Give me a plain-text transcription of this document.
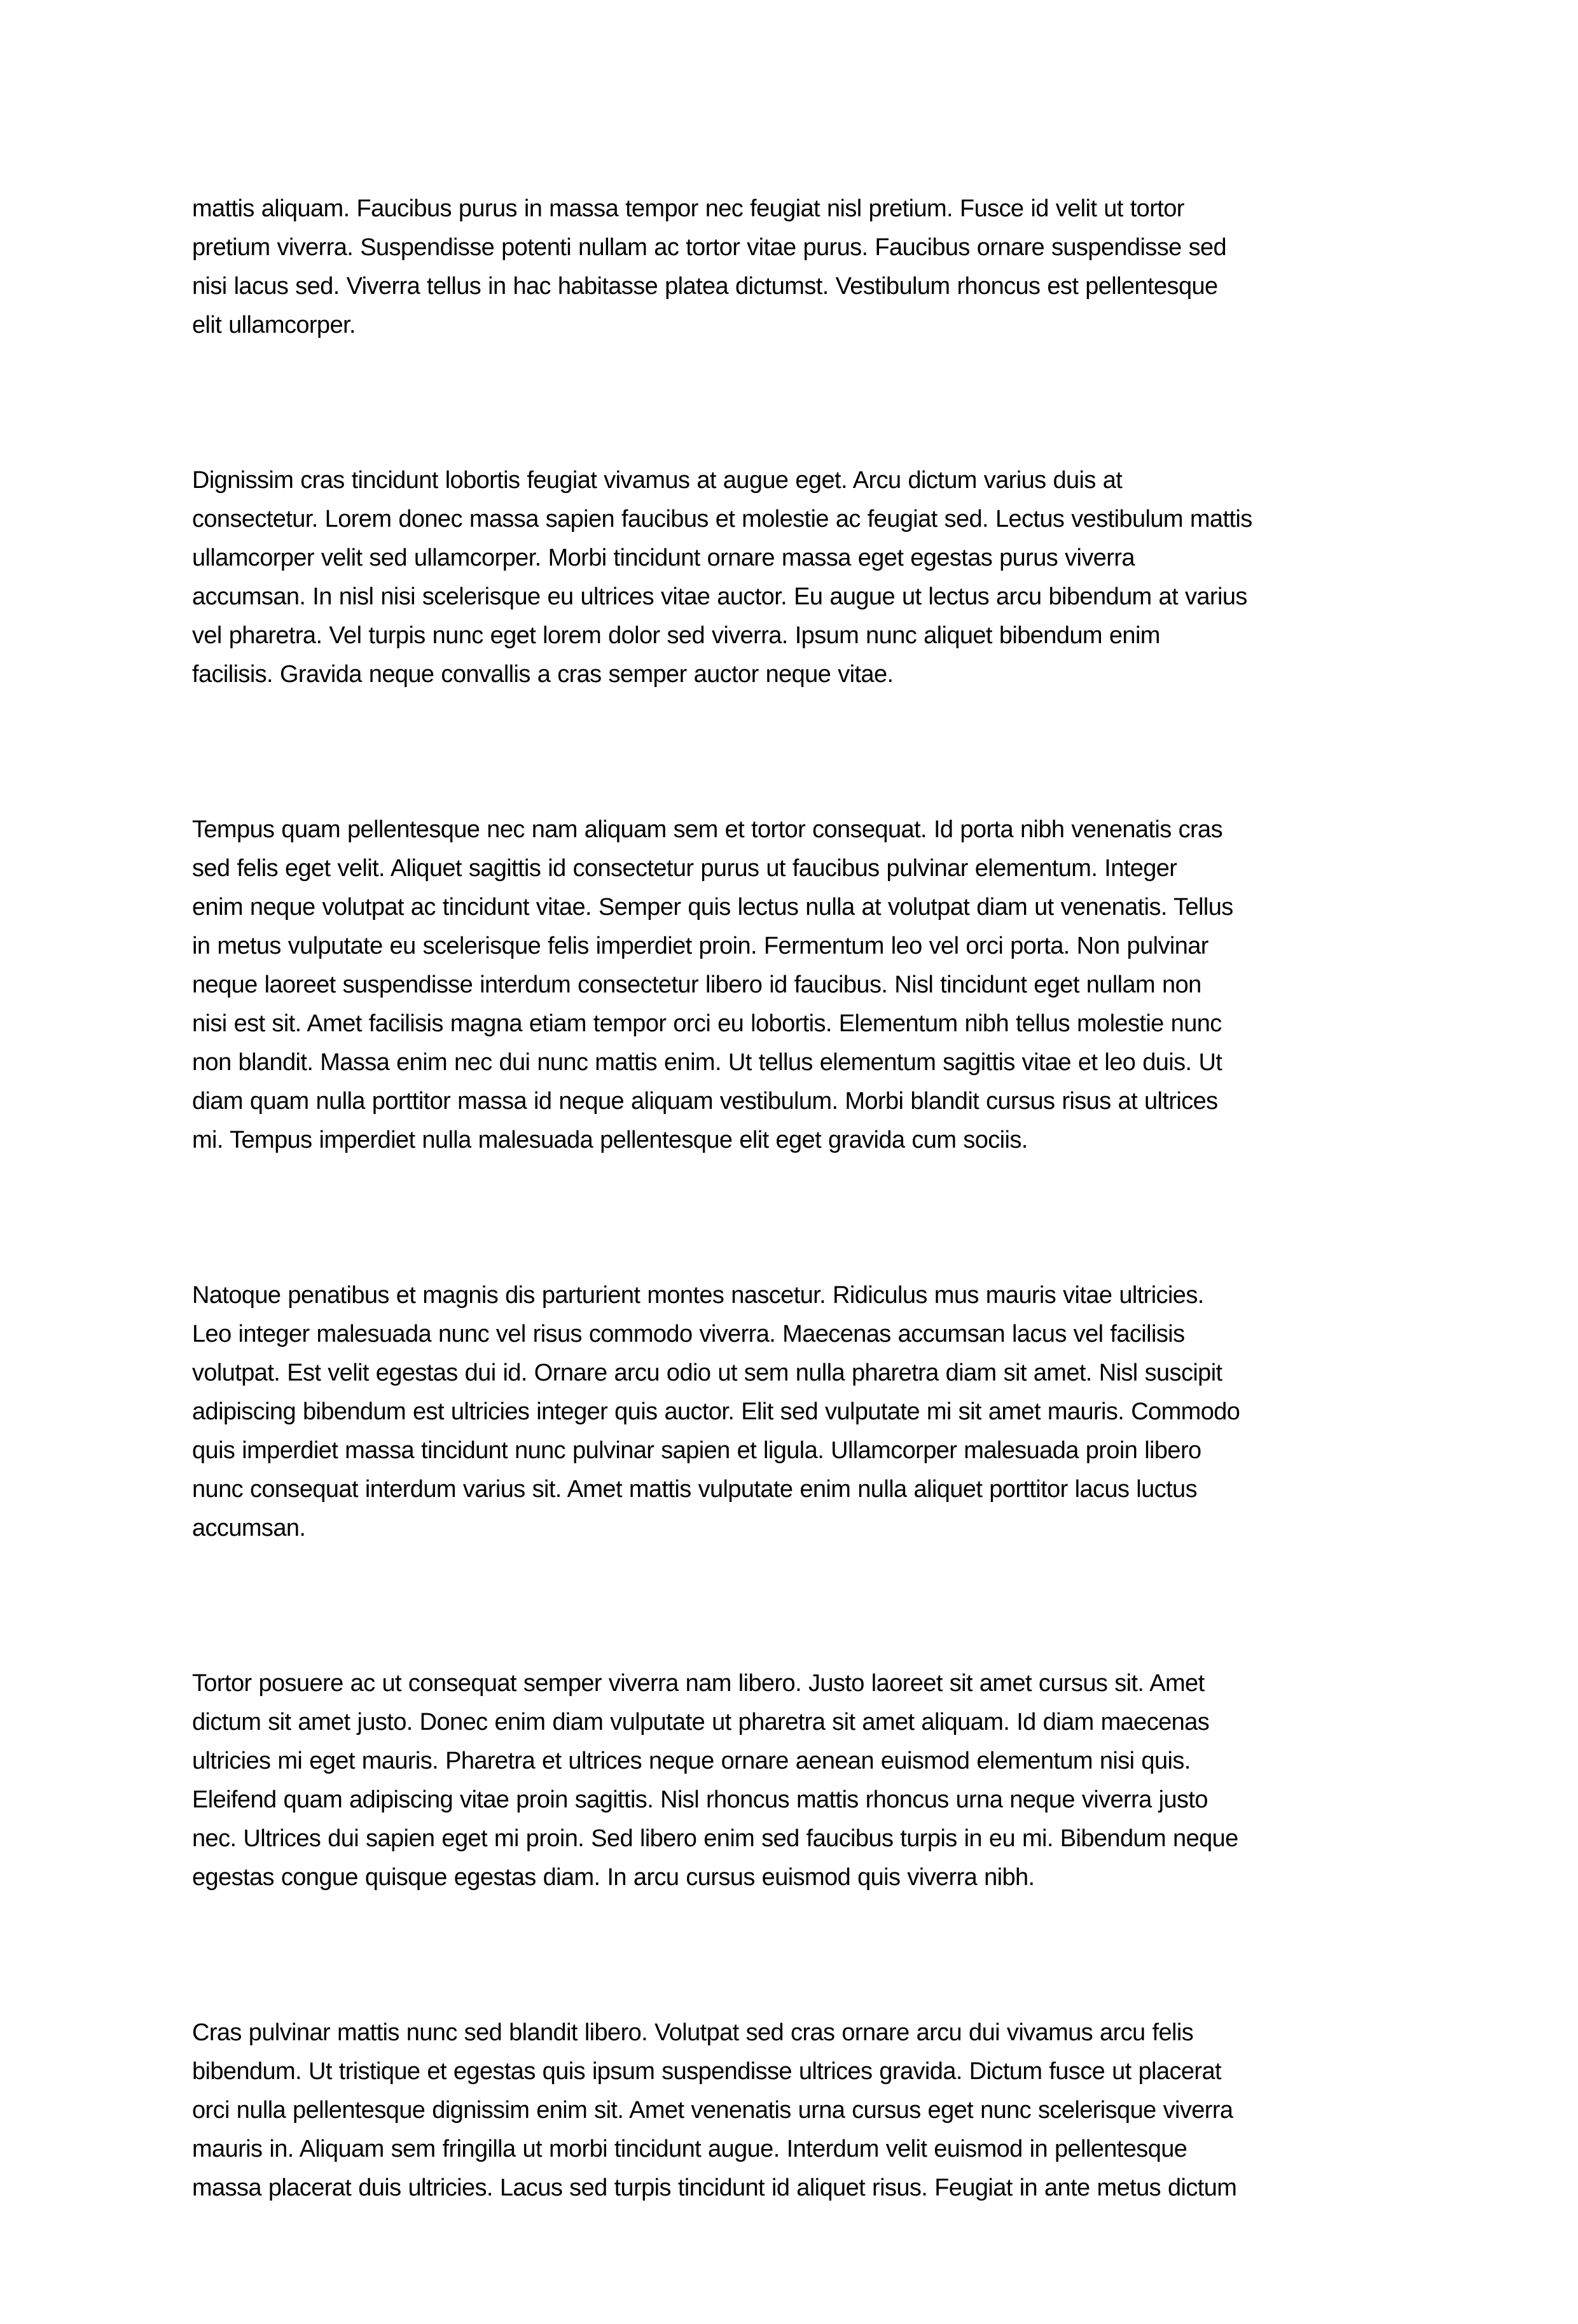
mattis aliquam. Faucibus purus in massa tempor nec feugiat nisl pretium. Fusce id velit ut tortor
pretium viverra. Suspendisse potenti nullam ac tortor vitae purus. Faucibus ornare suspendisse sed
nisi lacus sed. Viverra tellus in hac habitasse platea dictumst. Vestibulum rhoncus est pellentesque
elit ullamcorper.

Dignissim cras tincidunt lobortis feugiat vivamus at augue eget. Arcu dictum varius duis at
consectetur. Lorem donec massa sapien faucibus et molestie ac feugiat sed. Lectus vestibulum mattis
ullamcorper velit sed ullamcorper. Morbi tincidunt ornare massa eget egestas purus viverra
accumsan. In nisl nisi scelerisque eu ultrices vitae auctor. Eu augue ut lectus arcu bibendum at varius
vel pharetra. Vel turpis nunc eget lorem dolor sed viverra. Ipsum nunc aliquet bibendum enim
facilisis. Gravida neque convallis a cras semper auctor neque vitae.

Tempus quam pellentesque nec nam aliquam sem et tortor consequat. Id porta nibh venenatis cras
sed felis eget velit. Aliquet sagittis id consectetur purus ut faucibus pulvinar elementum. Integer
enim neque volutpat ac tincidunt vitae. Semper quis lectus nulla at volutpat diam ut venenatis. Tellus
in metus vulputate eu scelerisque felis imperdiet proin. Fermentum leo vel orci porta. Non pulvinar
neque laoreet suspendisse interdum consectetur libero id faucibus. Nisl tincidunt eget nullam non
nisi est sit. Amet facilisis magna etiam tempor orci eu lobortis. Elementum nibh tellus molestie nunc
non blandit. Massa enim nec dui nunc mattis enim. Ut tellus elementum sagittis vitae et leo duis. Ut
diam quam nulla porttitor massa id neque aliquam vestibulum. Morbi blandit cursus risus at ultrices
mi. Tempus imperdiet nulla malesuada pellentesque elit eget gravida cum sociis.

Natoque penatibus et magnis dis parturient montes nascetur. Ridiculus mus mauris vitae ultricies.
Leo integer malesuada nunc vel risus commodo viverra. Maecenas accumsan lacus vel facilisis
volutpat. Est velit egestas dui id. Ornare arcu odio ut sem nulla pharetra diam sit amet. Nisl suscipit
adipiscing bibendum est ultricies integer quis auctor. Elit sed vulputate mi sit amet mauris. Commodo
quis imperdiet massa tincidunt nunc pulvinar sapien et ligula. Ullamcorper malesuada proin libero
nunc consequat interdum varius sit. Amet mattis vulputate enim nulla aliquet porttitor lacus luctus
accumsan.

Tortor posuere ac ut consequat semper viverra nam libero. Justo laoreet sit amet cursus sit. Amet
dictum sit amet justo. Donec enim diam vulputate ut pharetra sit amet aliquam. Id diam maecenas
ultricies mi eget mauris. Pharetra et ultrices neque ornare aenean euismod elementum nisi quis.
Eleifend quam adipiscing vitae proin sagittis. Nisl rhoncus mattis rhoncus urna neque viverra justo
nec. Ultrices dui sapien eget mi proin. Sed libero enim sed faucibus turpis in eu mi. Bibendum neque
egestas congue quisque egestas diam. In arcu cursus euismod quis viverra nibh.

Cras pulvinar mattis nunc sed blandit libero. Volutpat sed cras ornare arcu dui vivamus arcu felis
bibendum. Ut tristique et egestas quis ipsum suspendisse ultrices gravida. Dictum fusce ut placerat
orci nulla pellentesque dignissim enim sit. Amet venenatis urna cursus eget nunc scelerisque viverra
mauris in. Aliquam sem fringilla ut morbi tincidunt augue. Interdum velit euismod in pellentesque
massa placerat duis ultricies. Lacus sed turpis tincidunt id aliquet risus. Feugiat in ante metus dictum
